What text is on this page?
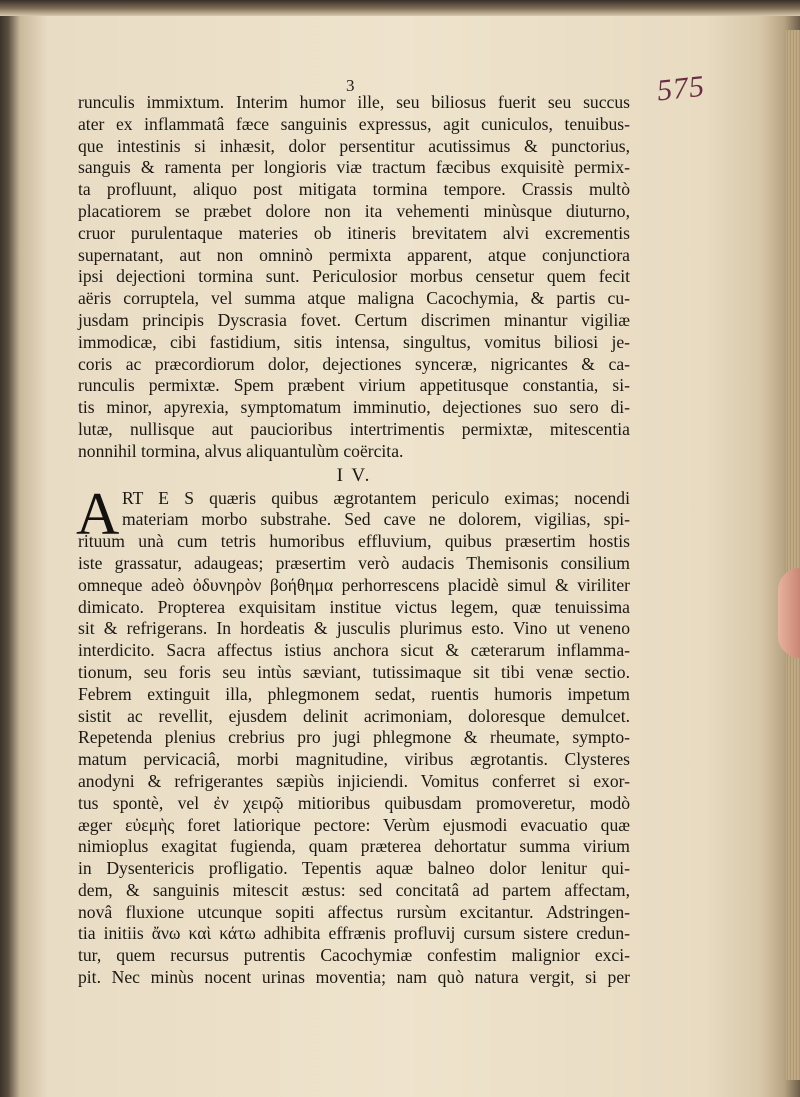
3	575
runculis immixtum. Interim humor ille, seu biliosus fuerit seu succus
ater ex inflammatâ fæce sanguinis expressus, agit cuniculos, tenuibus-
que intestinis si inhæsit, dolor persentitur acutissimus & punctorius,
sanguis & ramenta per longioris viæ tractum fæcibus exquisitè permix-
ta profluunt, aliquo post mitigata tormina tempore. Crassis multò
placatiorem se præbet dolore non ita vehementi minùsque diuturno,
cruor purulentaque materies ob itineris brevitatem alvi excrementis
supernatant, aut non omninò permixta apparent, atque conjunctiora
ipsi dejectioni tormina sunt. Periculosior morbus censetur quem fecit
aëris corruptela, vel summa atque maligna Cacochymia, & partis cu-
jusdam principis Dyscrasia fovet. Certum discrimen minantur vigiliæ
immodicæ, cibi fastidium, sitis intensa, singultus, vomitus biliosi je-
coris ac præcordiorum dolor, dejectiones synceræ, nigricantes & ca-
runculis permixtæ. Spem præbent virium appetitusque constantia, si-
tis minor, apyrexia, symptomatum imminutio, dejectiones suo sero di-
lutæ, nullisque aut paucioribus intertrimentis permixtæ, mitescentia
nonnihil tormina, alvus aliquantulùm coërcita.
I V.
A RT E S quæris quibus ægrotantem periculo eximas; nocendi
materiam morbo substrahe. Sed cave ne dolorem, vigilias, spi-
rituum unà cum tetris humoribus effluvium, quibus præsertim hostis
iste grassatur, adaugeas; præsertim verò audacis Themisonis consilium
omneque adeò ὀδυνηρὸν βοήθημα perhorrescens placidè simul & viriliter
dimicato. Propterea exquisitam institue victus legem, quæ tenuissima
sit & refrigerans. In hordeatis & jusculis plurimus esto. Vino ut veneno
interdicito. Sacra affectus istius anchora sicut & cæterarum inflamma-
tionum, seu foris seu intùs sæviant, tutissimaque sit tibi venæ sectio.
Febrem extinguit illa, phlegmonem sedat, ruentis humoris impetum
sistit ac revellit, ejusdem delinit acrimoniam, doloresque demulcet.
Repetenda plenius crebrius pro jugi phlegmone & rheumate, sympto-
matum pervicaciâ, morbi magnitudine, viribus ægrotantis. Clysteres
anodyni & refrigerantes sæpiùs injiciendi. Vomitus conferret si exor-
tus spontè, vel ἐν χειρῷ mitioribus quibusdam promoveretur, modò
æger εὐεμὴς foret latiorique pectore: Verùm ejusmodi evacuatio quæ
nimioplus exagitat fugienda, quam præterea dehortatur summa virium
in Dysentericis profligatio. Tepentis aquæ balneo dolor lenitur qui-
dem, & sanguinis mitescit æstus: sed concitatâ ad partem affectam,
novâ fluxione utcunque sopiti affectus rursùm excitantur. Adstringen-
tia initiis ἄνω καὶ κάτω adhibita effrænis profluvij cursum sistere credun-
tur, quem recursus putrentis Cacochymiæ confestim malignior exci-
pit. Nec minùs nocent urinas moventia; nam quò natura vergit, si per
